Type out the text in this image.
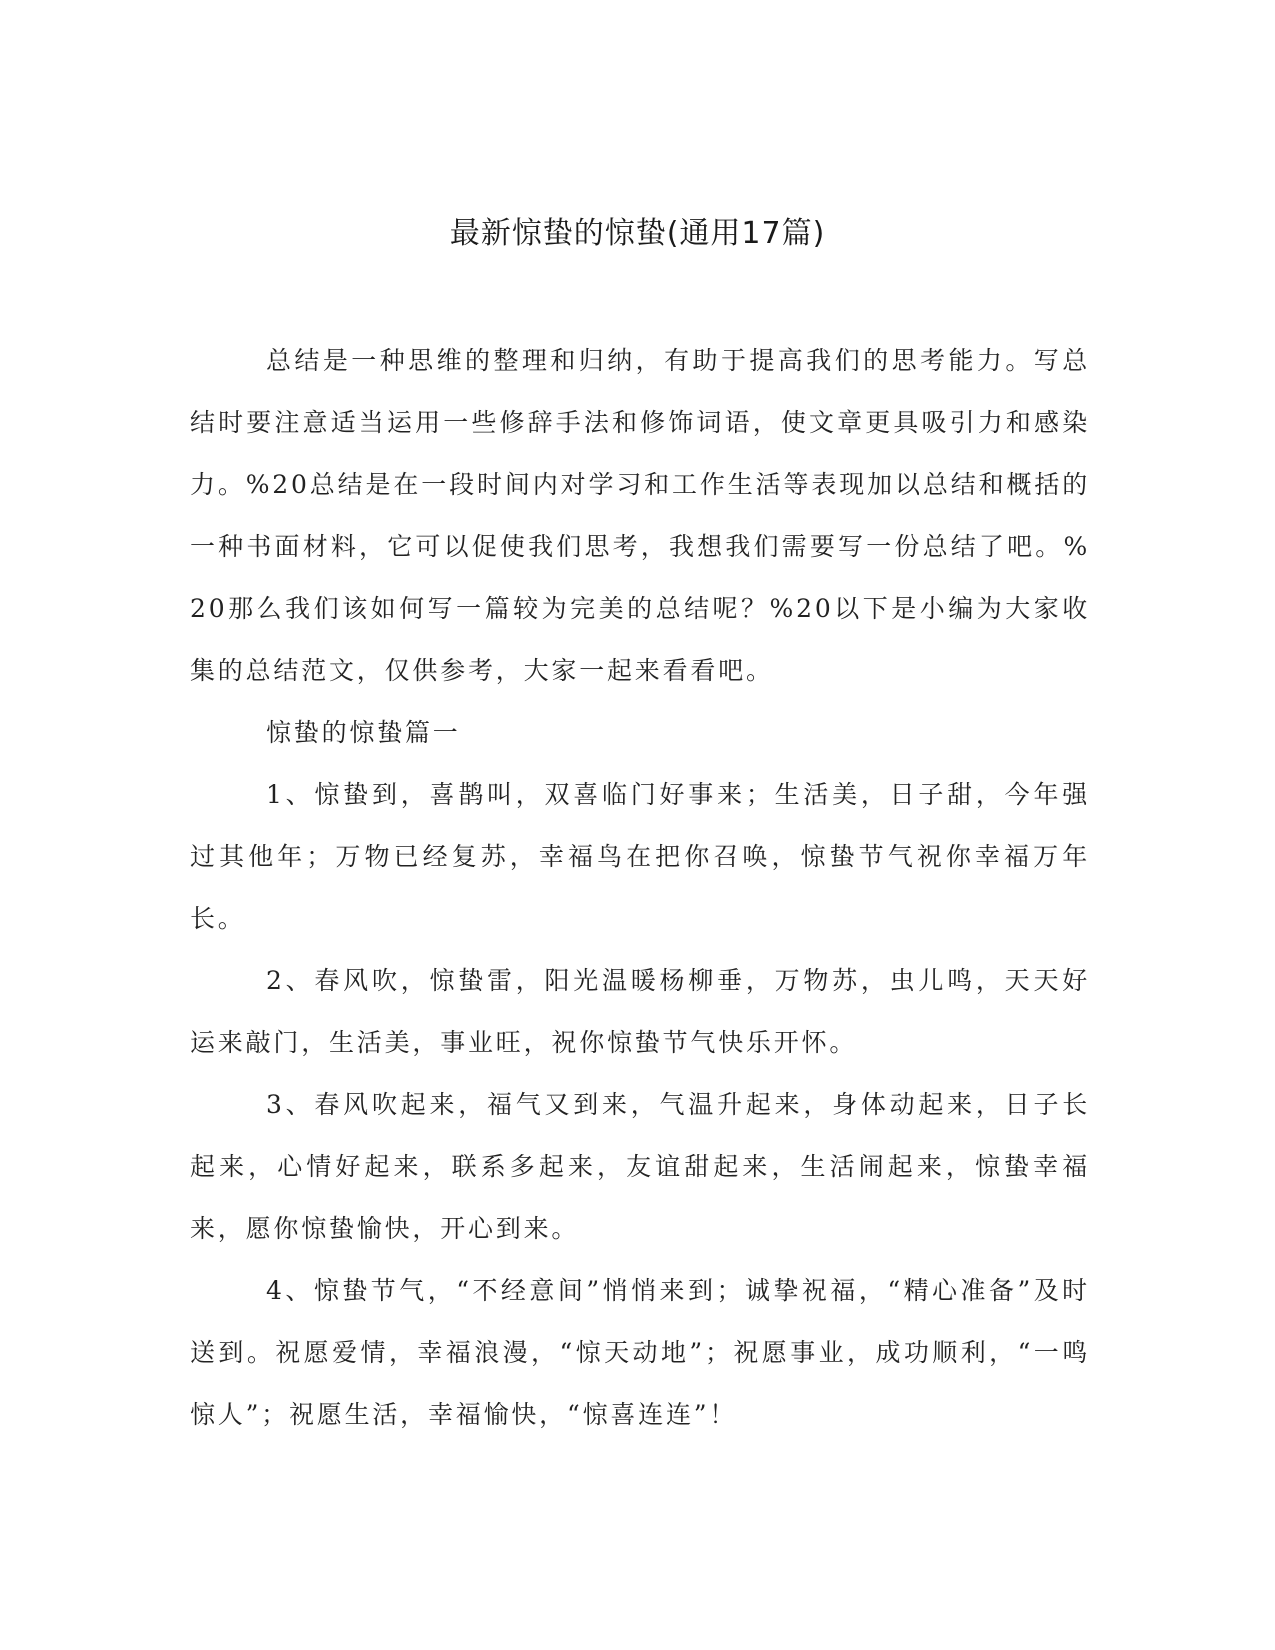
最新惊蛰的惊蛰(通用17篇)

总结是一种思维的整理和归纳，有助于提高我们的思考能力。写总结时要注意适当运用一些修辞手法和修饰词语，使文章更具吸引力和感染力。%20总结是在一段时间内对学习和工作生活等表现加以总结和概括的一种书面材料，它可以促使我们思考，我想我们需要写一份总结了吧。%20那么我们该如何写一篇较为完美的总结呢？%20以下是小编为大家收集的总结范文，仅供参考，大家一起来看看吧。

惊蛰的惊蛰篇一

1、惊蛰到，喜鹊叫，双喜临门好事来；生活美，日子甜，今年强过其他年；万物已经复苏，幸福鸟在把你召唤，惊蛰节气祝你幸福万年长。

2、春风吹，惊蛰雷，阳光温暖杨柳垂，万物苏，虫儿鸣，天天好运来敲门，生活美，事业旺，祝你惊蛰节气快乐开怀。

3、春风吹起来，福气又到来，气温升起来，身体动起来，日子长起来，心情好起来，联系多起来，友谊甜起来，生活闹起来，惊蛰幸福来，愿你惊蛰愉快，开心到来。

4、惊蛰节气，“不经意间”悄悄来到；诚挚祝福，“精心准备”及时送到。祝愿爱情，幸福浪漫，“惊天动地”；祝愿事业，成功顺利，“一鸣惊人”；祝愿生活，幸福愉快，“惊喜连连”！
